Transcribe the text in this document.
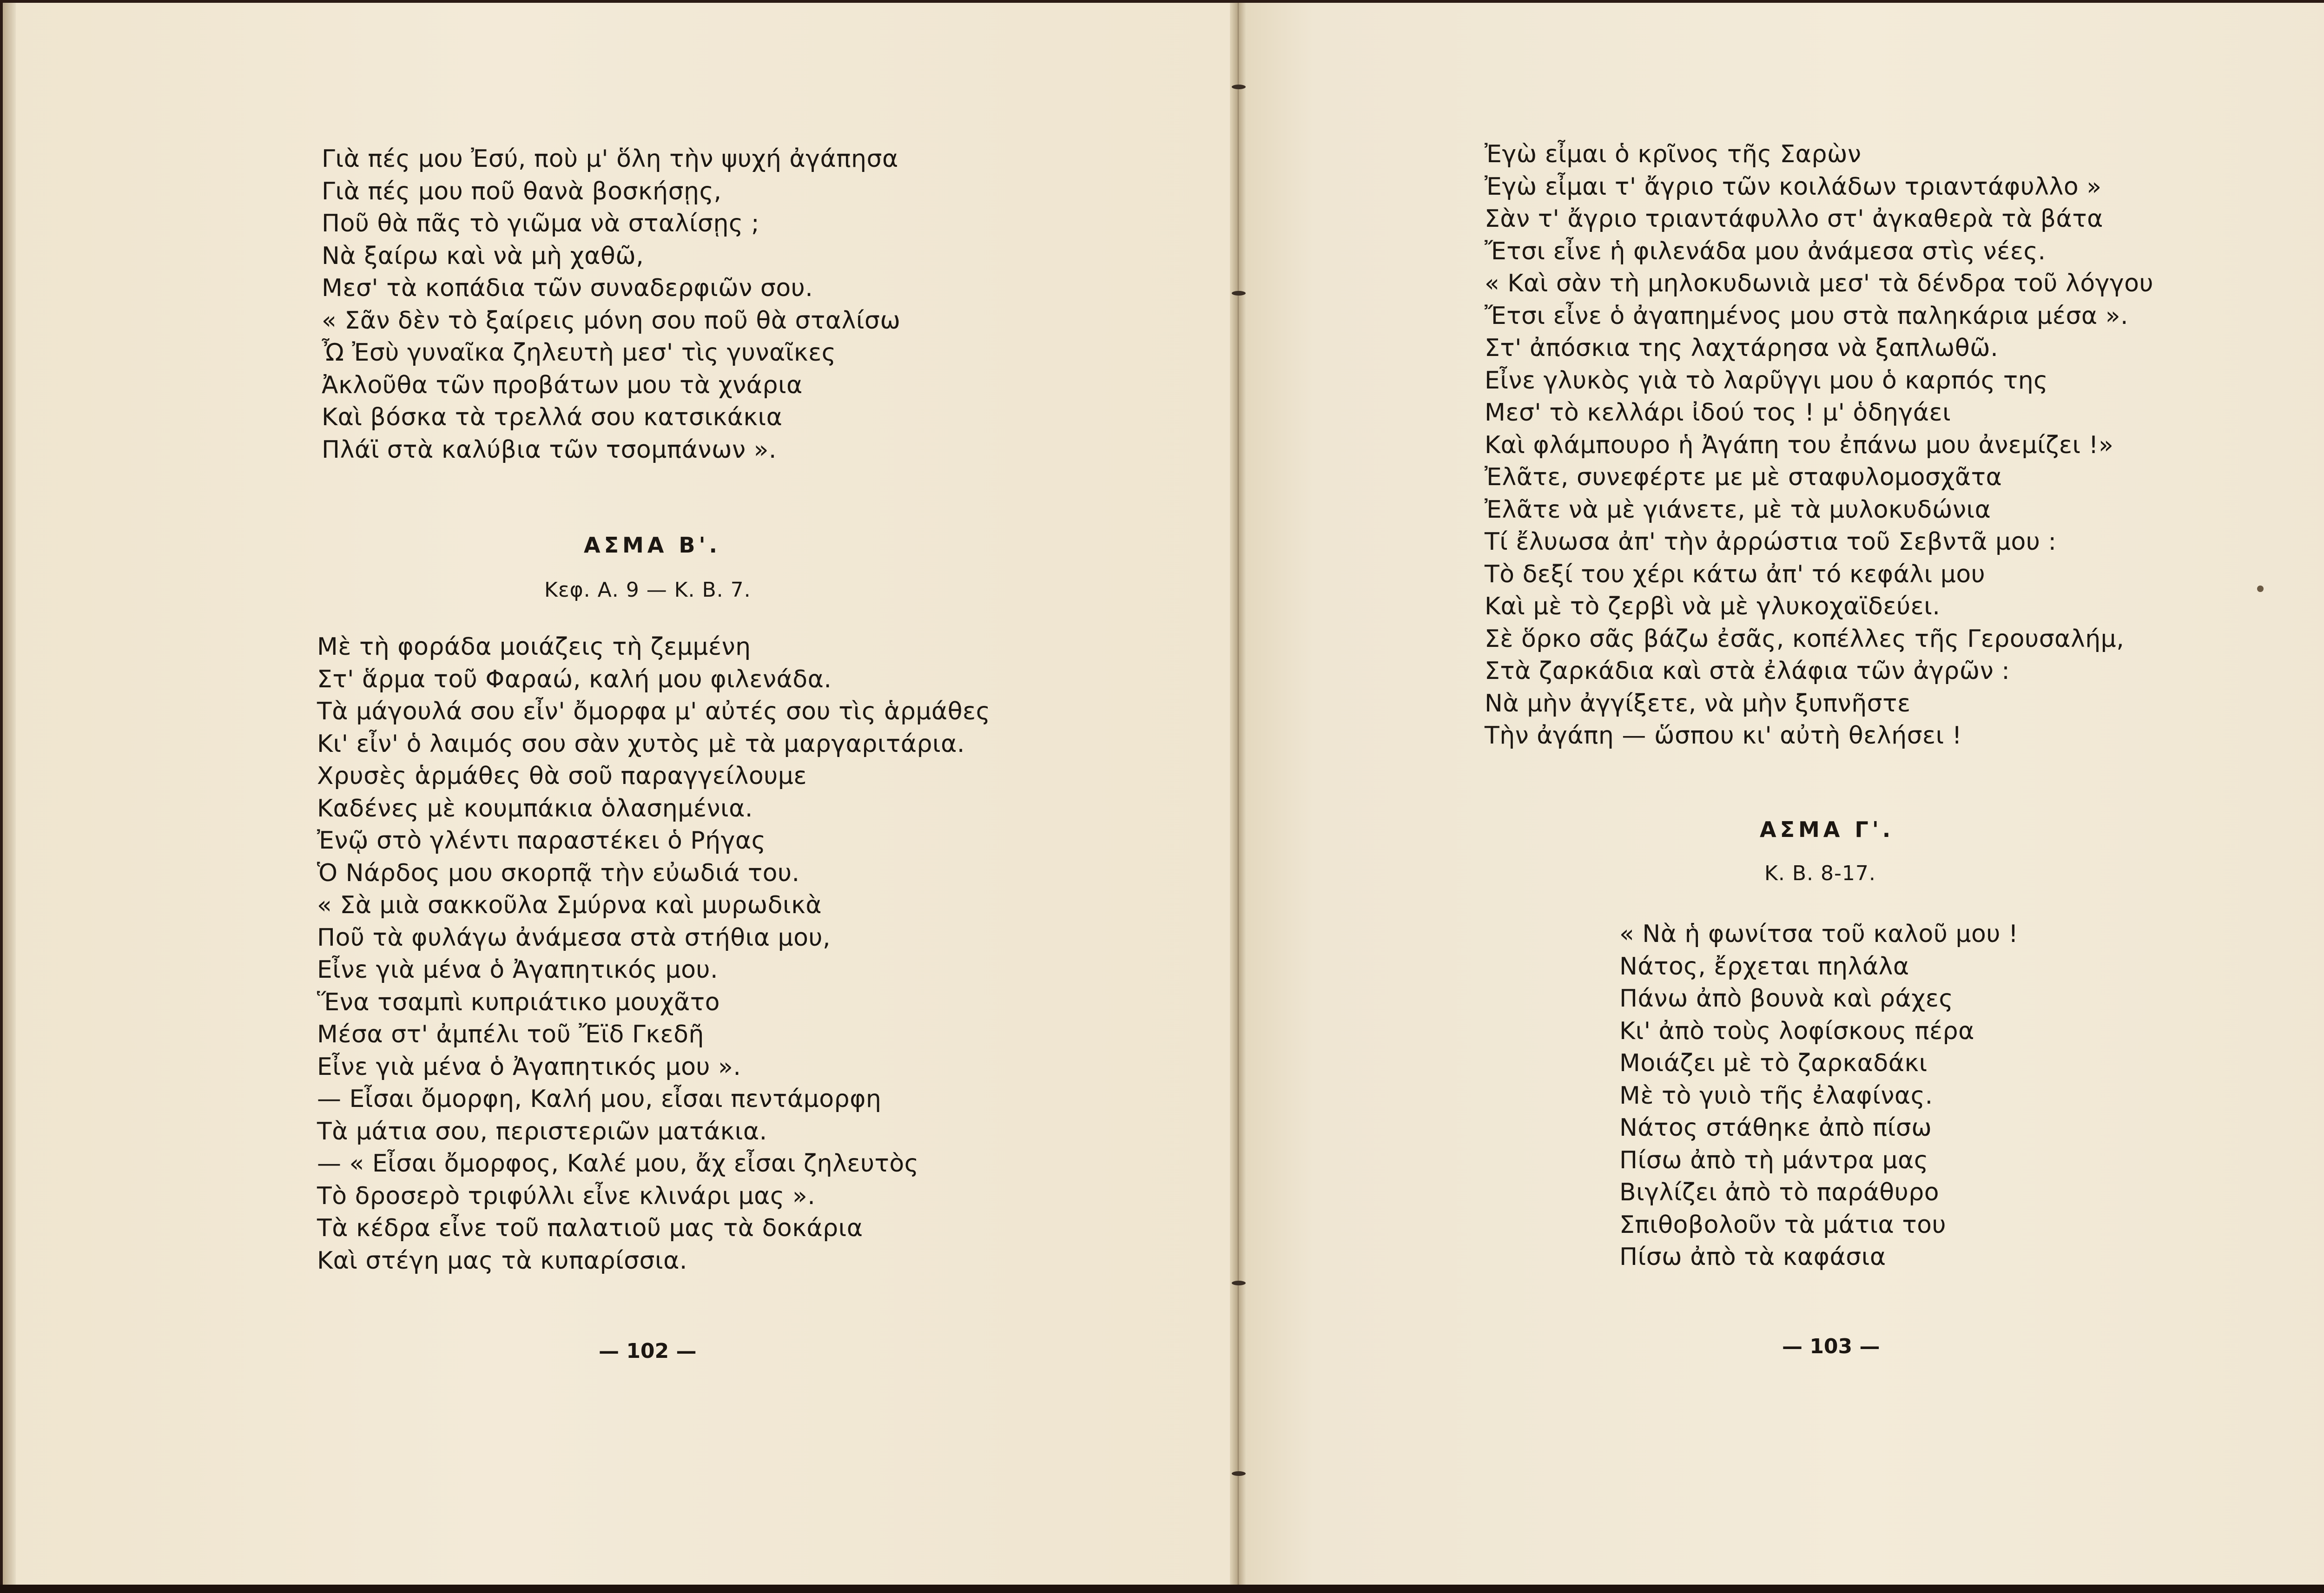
Γιὰ πές μου Ἐσύ, ποὺ μ' ὅλη τὴν ψυχή ἀγάπησα
Γιὰ πές μου ποῦ θανὰ βοσκήσῃς,
Ποῦ θὰ πᾶς τὸ γιῶμα νὰ σταλίσῃς ;
Νὰ ξαίρω καὶ νὰ μὴ χαθῶ,
Μεσ' τὰ κοπάδια τῶν συναδερφιῶν σου.
« Σᾶν δὲν τὸ ξαίρεις μόνη σου ποῦ θὰ σταλίσω
Ὦ Ἐσὺ γυναῖκα ζηλευτὴ μεσ' τὶς γυναῖκες
Ἀκλοῦθα τῶν προβάτων μου τὰ χνάρια
Καὶ βόσκα τὰ τρελλά σου κατσικάκια
Πλάϊ στὰ καλύβια τῶν τσομπάνων ».
ΑΣΜΑ Β'.
Κεφ. Α. 9 — Κ. Β. 7.
Μὲ τὴ φοράδα μοιάζεις τὴ ζεμμένη
Στ' ἅρμα τοῦ Φαραώ, καλή μου φιλενάδα.
Τὰ μάγουλά σου εἶν' ὄμορφα μ' αὐτές σου τὶς ἁρμάθες
Κι' εἶν' ὁ λαιμός σου σὰν χυτὸς μὲ τὰ μαργαριτάρια.
Χρυσὲς ἁρμάθες θὰ σοῦ παραγγείλουμε
Καδένες μὲ κουμπάκια ὁλασημένια.
Ἐνῷ στὸ γλέντι παραστέκει ὁ Ρήγας
Ὁ Νάρδος μου σκορπᾷ τὴν εὐωδιά του.
« Σὰ μιὰ σακκοῦλα Σμύρνα καὶ μυρωδικὰ
Ποῦ τὰ φυλάγω ἀνάμεσα στὰ στήθια μου,
Εἶνε γιὰ μένα ὁ Ἀγαπητικός μου.
Ἕνα τσαμπὶ κυπριάτικο μουχᾶτο
Μέσα στ' ἀμπέλι τοῦ Ἔϊδ Γκεδῆ
Εἶνε γιὰ μένα ὁ Ἀγαπητικός μου ».
— Εἶσαι ὄμορφη, Καλή μου, εἶσαι πεντάμορφη
Τὰ μάτια σου, περιστεριῶν ματάκια.
— « Εἶσαι ὄμορφος, Καλέ μου, ἄχ εἶσαι ζηλευτὸς
Τὸ δροσερὸ τριφύλλι εἶνε κλινάρι μας ».
Τὰ κέδρα εἶνε τοῦ παλατιοῦ μας τὰ δοκάρια
Καὶ στέγη μας τὰ κυπαρίσσια.
— 102 —
Ἐγὼ εἶμαι ὁ κρῖνος τῆς Σαρὼν
Ἐγὼ εἶμαι τ' ἄγριο τῶν κοιλάδων τριαντάφυλλο »
Σὰν τ' ἄγριο τριαντάφυλλο στ' ἀγκαθερὰ τὰ βάτα
Ἔτσι εἶνε ἡ φιλενάδα μου ἀνάμεσα στὶς νέες.
« Καὶ σὰν τὴ μηλοκυδωνιὰ μεσ' τὰ δένδρα τοῦ λόγγου
Ἔτσι εἶνε ὁ ἀγαπημένος μου στὰ παληκάρια μέσα ».
Στ' ἀπόσκια της λαχτάρησα νὰ ξαπλωθῶ.
Εἶνε γλυκὸς γιὰ τὸ λαρῦγγι μου ὁ καρπός της
Μεσ' τὸ κελλάρι ἰδού τος ! μ' ὁδηγάει
Καὶ φλάμπουρο ἡ Ἀγάπη του ἐπάνω μου ἀνεμίζει !»
Ἐλᾶτε, συνεφέρτε με μὲ σταφυλομοσχᾶτα
Ἐλᾶτε νὰ μὲ γιάνετε, μὲ τὰ μυλοκυδώνια
Τί ἔλυωσα ἀπ' τὴν ἀρρώστια τοῦ Σεβντᾶ μου :
Τὸ δεξί του χέρι κάτω ἀπ' τό κεφάλι μου
Καὶ μὲ τὸ ζερβὶ νὰ μὲ γλυκοχαϊδεύει.
Σὲ ὅρκο σᾶς βάζω ἐσᾶς, κοπέλλες τῆς Γερουσαλήμ,
Στὰ ζαρκάδια καὶ στὰ ἐλάφια τῶν ἀγρῶν :
Νὰ μὴν ἀγγίξετε, νὰ μὴν ξυπνῆστε
Τὴν ἀγάπη — ὥσπου κι' αὐτὴ θελήσει !
ΑΣΜΑ Γ'.
Κ. Β. 8-17.
« Νὰ ἡ φωνίτσα τοῦ καλοῦ μου !
Νάτος, ἔρχεται πηλάλα
Πάνω ἀπὸ βουνὰ καὶ ράχες
Κι' ἀπὸ τοὺς λοφίσκους πέρα
Μοιάζει μὲ τὸ ζαρκαδάκι
Μὲ τὸ γυιὸ τῆς ἐλαφίνας.
Νάτος στάθηκε ἀπὸ πίσω
Πίσω ἀπὸ τὴ μάντρα μας
Βιγλίζει ἀπὸ τὸ παράθυρο
Σπιθοβολοῦν τὰ μάτια του
Πίσω ἀπὸ τὰ καφάσια
— 103 —
